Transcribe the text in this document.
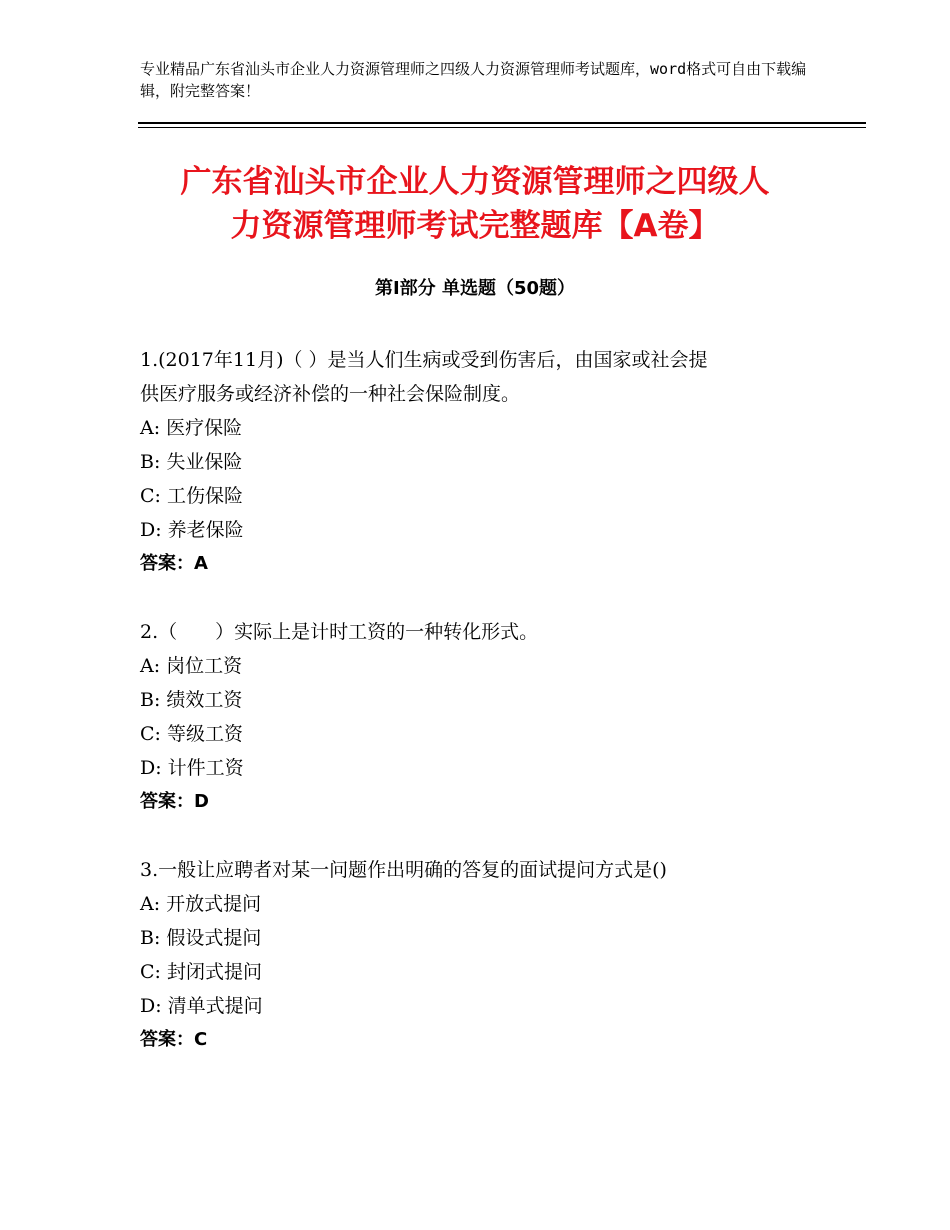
专业精品广东省汕头市企业人力资源管理师之四级人力资源管理师考试题库，word格式可自由下载编辑，附完整答案！
广东省汕头市企业人力资源管理师之四级人
力资源管理师考试完整题库【A卷】
第Ⅰ部分 单选题（50题）
1.(2017年11月)（ ）是当人们生病或受到伤害后，由国家或社会提
供医疗服务或经济补偿的一种社会保险制度。
A: 医疗保险
B: 失业保险
C: 工伤保险
D: 养老保险
答案：A
2.（　　）实际上是计时工资的一种转化形式。
A: 岗位工资
B: 绩效工资
C: 等级工资
D: 计件工资
答案：D
3.一般让应聘者对某一问题作出明确的答复的面试提问方式是()
A: 开放式提问
B: 假设式提问
C: 封闭式提问
D: 清单式提问
答案：C
